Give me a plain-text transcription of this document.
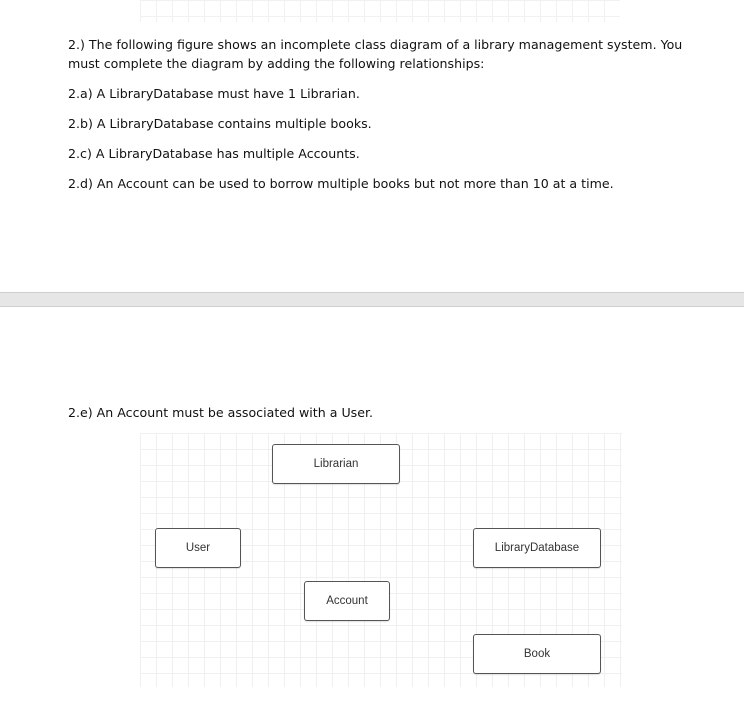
2.) The following figure shows an incomplete class diagram of a library management system. You must complete the diagram by adding the following relationships:

2.a) A LibraryDatabase must have 1 Librarian.

2.b) A LibraryDatabase contains multiple books.

2.c) A LibraryDatabase has multiple Accounts.

2.d) An Account can be used to borrow multiple books but not more than 10 at a time.

2.e) An Account must be associated with a User.

Librarian
User	LibraryDatabase
Account
Book
